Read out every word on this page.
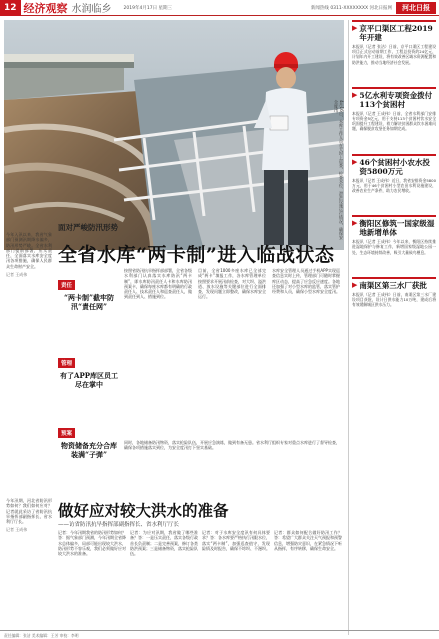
12 经济观察 水润临乡	2019年4月17日 星期三	新闻热线 0311-XXXXXXXX 河北日报网	河北日报
4月16日，水库工作人员在大坝上巡查，检查水位、泄洪设施运行情况，确保安全度汛。
▶ 京平口渠区工程2019年开建
本报讯（记者 张洁）日前，京平口渠区工程建设项目正式启动前期工作，工程总投资约24亿元，计划年内开工建设，将有效改善区域水资源配置和防洪能力，推动当地经济社会发展。
▶ 5亿水利专项资金拨付113个贫困村
本报讯（记者 王成伟）日前，全省水利部门安排专项资金5亿元，用于支持113个贫困村饮水安全巩固提升工程建设，着力解决贫困群众饮水困难问题，确保脱贫攻坚任务如期完成。
▶ 46个贫困村小农水投资5800万元
本报讯（记者 王成伟）近日，我省安排资金5800万元，用于46个贫困村小型农田水利设施建设，改善农业生产条件，助力农民增收。
▶ 衡阳区修筑一国家级湿地新增单体
本报讯（记者 王成伟）今年以来，衡阳区持续推进湿地保护与修复工作，新增国家级湿地公园一处，生态环境持续改善，吸引大量候鸟栖息。
▶ 南渠区第三水厂获批
本报讯（记者 王成伟）日前，南渠区第三水厂建设项目获批，设计日供水能力10万吨，建成后将有效缓解城区供水压力。
面对严峻防汛形势
全省水库“两卡制”进入临战状态
今年入汛以来，我省气象部门预测汛期降水偏多，防汛形势严峻。全省水利部门提前部署，压实责任，全面落实水库安全度汛各项措施，确保人民群众生命财产安全。
记者 王成伟
责任
“两卡制”截牢防汛“責任网”
管理
有了APP库区员工尽在掌中
预案
物资储备充分合库装满“子弹”
按照省防汛抗旱指挥部部署，全省各级水利部门认真落实水库防汛“两卡制”，即水库防汛责任人卡和水库防汛预案卡，确保每座水库都有明确的行政责任人、技术责任人和巡查责任人，做到责任到人、措施到位。
目前，全省1000多座水库已全部完成“两卡”填报工作，各水库管理单位按照要求开展汛前检查，对大坝、溢洪道、放水设施等关键部位进行全面排查，发现问题立即整改，确保水库安全运行。
水库安全管理人员通过手机APP实现巡查信息实时上传，管理部门可随时掌握库区动态，提高了应急反应速度。各地还加强了对小型水库的监管，落实管护经费和人员，确保小型水库安全度汛。
同时，各地储备防汛物资，落实抢险队伍，开展应急演练，做到有备无患。省水利厅组织专家对重点水库进行了督导检查，确保各项措施落实到位，为安全度汛打下坚实基础。
今年汛期，河北省防汛形势如何？我们如何应对？记者就此采访了省防汛抗旱指挥部副指挥长、省水利厅厅长。
记者 王成伟
做好应对较大洪水的准备
——访省防汛抗旱指挥部副指挥长、省水利厅厅长
记者：今年汛期我省的防汛形势如何？答：据气象部门预测，今年汛期全省降水总体偏多，局部可能出现较大洪水，防汛形势不容乐观，我们必须做好应对较大洪水的准备。
记者：为应对汛期，我省做了哪些准备？答：一是压实责任，落实各级行政首长负责制；二是完善预案，修订各类防洪预案；三是储备物资，落实抢险队伍。
记者：对于水库安全度汛有何具体要求？答：各水库要严格执行汛限水位，落实“两卡制”，加强巡查值守，发现险情及时报告，确保不垮坝、不漫坝。
记者：群众如何配合做好防汛工作？答：希望广大群众关注天气预报和预警信息，增强防灾意识，在紧急情况下听从指挥，有序转移，确保生命安全。
责任编辑：张洁 美术编辑：王芳 审校：李明
